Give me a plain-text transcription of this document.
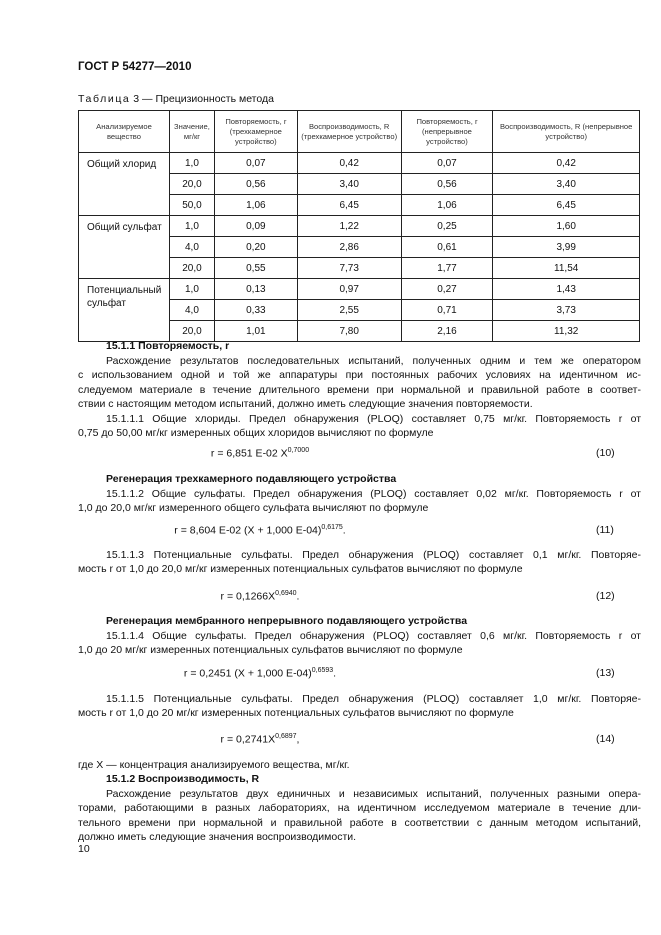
ГОСТ Р 54277—2010
Таблица 3 — Прецизионность метода
Анализируемое вещество	Значение, мг/кг	Повторяемость, r (трехкамерное устройство)	Воспроизводимость, R (трехкамерное устройство)	Повторяемость, r (непрерывное устройство)	Воспроизводимость, R (непрерывное устройство)
Общий хлорид	1,0	0,07	0,42	0,07	0,42
	20,0	0,56	3,40	0,56	3,40
	50,0	1,06	6,45	1,06	6,45
Общий сульфат	1,0	0,09	1,22	0,25	1,60
	4,0	0,20	2,86	0,61	3,99
	20,0	0,55	7,73	1,77	11,54
Потенциальный сульфат	1,0	0,13	0,97	0,27	1,43
	4,0	0,33	2,55	0,71	3,73
	20,0	1,01	7,80	2,16	11,32
15.1.1 Повторяемость, r
Расхождение результатов последовательных испытаний, полученных одним и тем же оператором
с использованием одной и той же аппаратуры при постоянных рабочих условиях на идентичном ис-
следуемом материале в течение длительного времени при нормальной и правильной работе в соответ-
ствии с настоящим методом испытаний, должно иметь следующие значения повторяемости.
15.1.1.1 Общие хлориды. Предел обнаружения (PLOQ) составляет 0,75 мг/кг. Повторяемость r от
0,75 до 50,00 мг/кг измеренных общих хлоридов вычисляют по формуле
r = 6,851 E-02 $X^{0,7000}$	(10)
Регенерация трехкамерного подавляющего устройства
15.1.1.2 Общие сульфаты. Предел обнаружения (PLOQ) составляет 0,02 мг/кг. Повторяемость r от
1,0 до 20,0 мг/кг измеренного общего сульфата вычисляют по формуле
r = 8,604 E-02 (X + 1,000 E-04)$^{0,6175}$.	(11)
15.1.1.3 Потенциальные сульфаты. Предел обнаружения (PLOQ) составляет 0,1 мг/кг. Повторяе-
мость r от 1,0 до 20,0 мг/кг измеренных потенциальных сульфатов вычисляют по формуле
$r = 0,1266X^{0,6940}$.	(12)
Регенерация мембранного непрерывного подавляющего устройства
15.1.1.4 Общие сульфаты. Предел обнаружения (PLOQ) составляет 0,6 мг/кг. Повторяемость r от
1,0 до 20 мг/кг измеренных потенциальных сульфатов вычисляют по формуле
r = 0,2451 (X + 1,000 E-04)$^{0,6593}$.	(13)
15.1.1.5 Потенциальные сульфаты. Предел обнаружения (PLOQ) составляет 1,0 мг/кг. Повторяе-
мость r от 1,0 до 20 мг/кг измеренных потенциальных сульфатов вычисляют по формуле
$r = 0,2741X^{0,6897}$,	(14)
где X — концентрация анализируемого вещества, мг/кг.
15.1.2 Воспроизводимость, R
Расхождение результатов двух единичных и независимых испытаний, полученных разными опера-
торами, работающими в разных лабораториях, на идентичном исследуемом материале в течение дли-
тельного времени при нормальной и правильной работе в соответствии с данным методом испытаний,
должно иметь следующие значения воспроизводимости.
10
